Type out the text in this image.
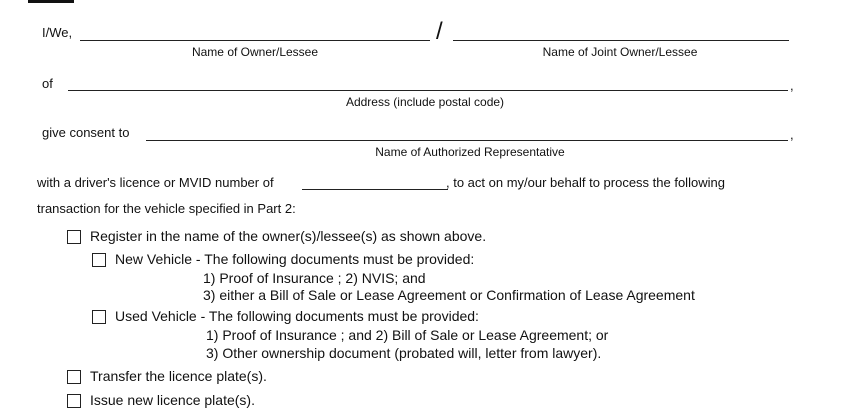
I/We,	/
Name of Owner/Lessee	Name of Joint Owner/Lessee
of	,
Address (include postal code)
give consent to	,
Name of Authorized Representative
with a driver's licence or MVID number of	, to act on my/our behalf to process the following
transaction for the vehicle specified in Part 2:
Register in the name of the owner(s)/lessee(s) as shown above.
New Vehicle - The following documents must be provided:
1) Proof of Insurance ; 2) NVIS; and
3) either a Bill of Sale or Lease Agreement or Confirmation of Lease Agreement
Used Vehicle - The following documents must be provided:
1) Proof of Insurance ; and 2) Bill of Sale or Lease Agreement; or
3) Other ownership document (probated will, letter from lawyer).
Transfer the licence plate(s).
Issue new licence plate(s).
